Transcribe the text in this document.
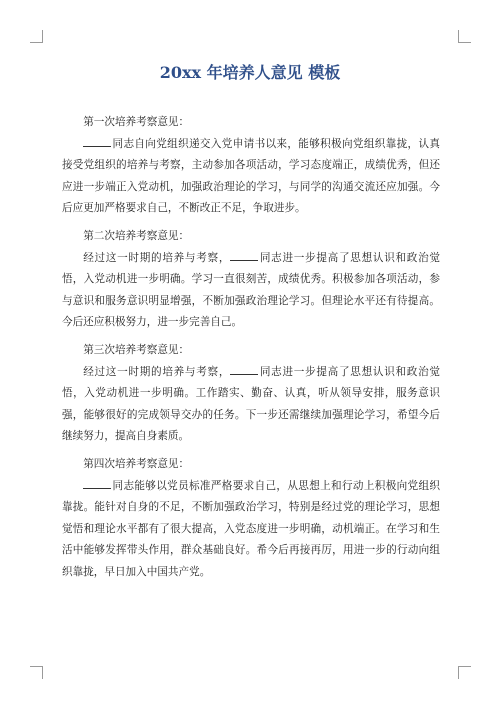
20xx 年培养人意见 模板

第一次培养考察意见：

同志自向党组织递交入党申请书以来，能够积极向党组织靠拢，认真接受党组织的培养与考察，主动参加各项活动，学习态度端正，成绩优秀，但还应进一步端正入党动机，加强政治理论的学习，与同学的沟通交流还应加强。今后应更加严格要求自己，不断改正不足，争取进步。

第二次培养考察意见：

经过这一时期的培养与考察，	同志进一步提高了思想认识和政治觉悟，入党动机进一步明确。学习一直很刻苦，成绩优秀。积极参加各项活动，参与意识和服务意识明显增强，不断加强政治理论学习。但理论水平还有待提高。今后还应积极努力，进一步完善自己。

第三次培养考察意见：

经过这一时期的培养与考察，	同志进一步提高了思想认识和政治觉悟，入党动机进一步明确。工作踏实、勤奋、认真，听从领导安排，服务意识强，能够很好的完成领导交办的任务。下一步还需继续加强理论学习，希望今后继续努力，提高自身素质。

第四次培养考察意见：

同志能够以党员标准严格要求自己，从思想上和行动上积极向党组织靠拢。能针对自身的不足，不断加强政治学习，特别是经过党的理论学习，思想觉悟和理论水平都有了很大提高，入党态度进一步明确，动机端正。在学习和生活中能够发挥带头作用，群众基础良好。希今后再接再厉，用进一步的行动向组织靠拢，早日加入中国共产党。
